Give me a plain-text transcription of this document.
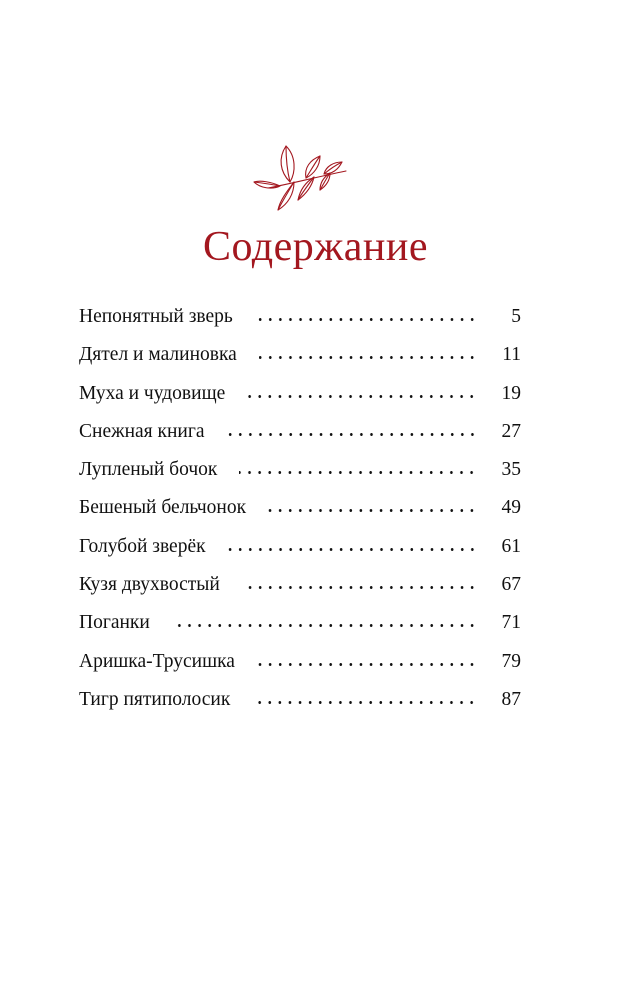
Содержание
Непонятный зверь	5
Дятел и малиновка	11
Муха и чудовище	19
Снежная книга	27
Лупленый бочок	35
Бешеный бельчонок	49
Голубой зверёк	61
Кузя двухвостый	67
Поганки	71
Аришка-Трусишка	79
Тигр пятиполосик	87
